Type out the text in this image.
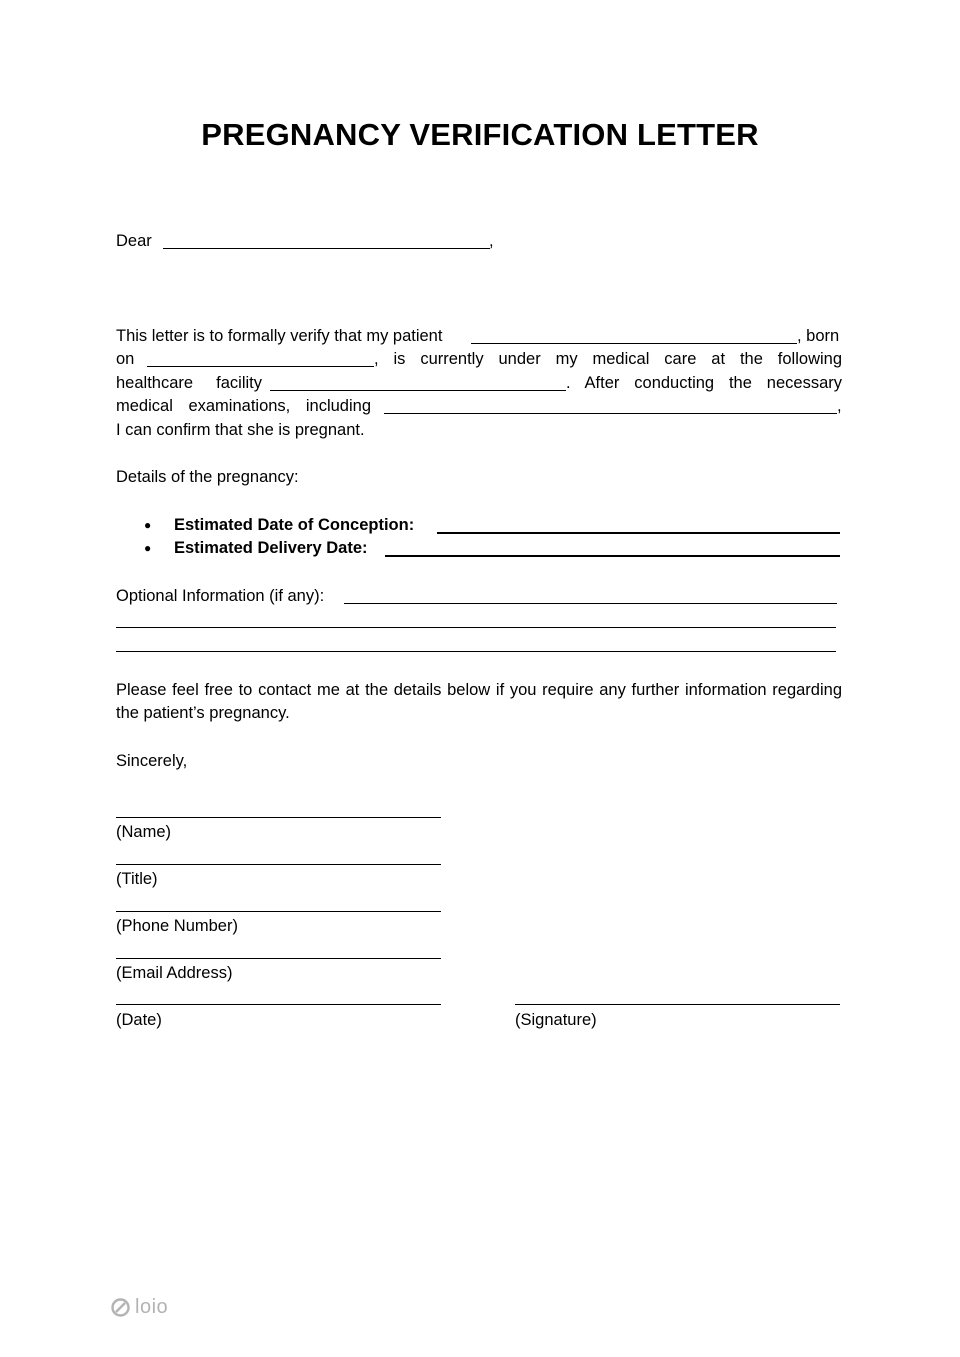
PREGNANCY VERIFICATION LETTER
Dear	,
This letter is to formally verify that my patient	, born
on	, is currently under my medical care at the following
healthcare facility	. After conducting the necessary
medical examinations, including	,
I can confirm that she is pregnant.
Details of the pregnancy:
● Estimated Date of Conception:
● Estimated Delivery Date:
Optional Information (if any):
Please feel free to contact me at the details below if you require any further information regarding the patient’s pregnancy.
Sincerely,
(Name)
(Title)
(Phone Number)
(Email Address)
(Date)	(Signature)
loio
